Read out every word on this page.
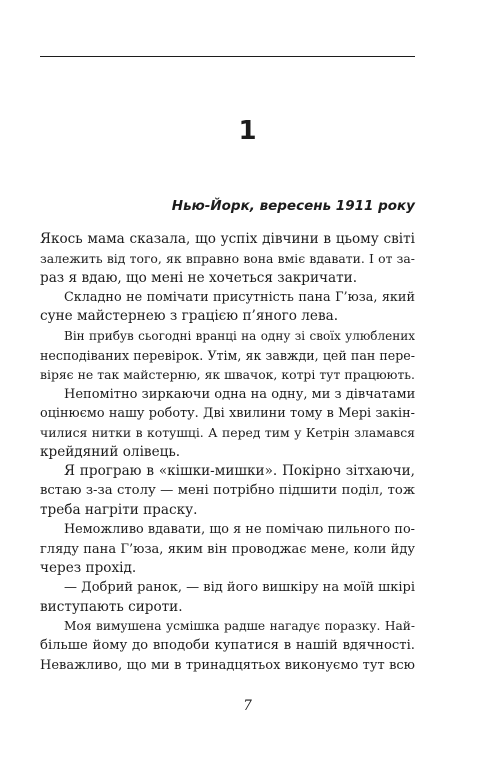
1
Нью-Йорк, вересень 1911 року
Якось мама сказала, що успіх дівчини в цьому світі
залежить від того, як вправно вона вміє вдавати. І от за-
раз я вдаю, що мені не хочеться закричати.
Складно не помічати присутність пана Г’юза, який
суне майстернею з грацією п’яного лева.
Він прибув сьогодні вранці на одну зі своїх улюблених
несподіваних перевірок. Утім, як завжди, цей пан пере-
віряє не так майстерню, як швачок, котрі тут працюють.
Непомітно зиркаючи одна на одну, ми з дівчатами
оцінюємо нашу роботу. Дві хвилини тому в Мері закін-
чилися нитки в котушці. А перед тим у Кетрін зламався
крейдяний олівець.
Я програю в «кішки-мишки». Покірно зітхаючи,
встаю з-за столу — мені потрібно підшити поділ, тож
треба нагріти праску.
Неможливо вдавати, що я не помічаю пильного по-
гляду пана Г’юза, яким він проводжає мене, коли йду
через прохід.
— Добрий ранок, — від його вишкіру на моїй шкірі
виступають сироти.
Моя вимушена усмішка радше нагадує поразку. Най-
більше йому до вподоби купатися в нашій вдячності.
Неважливо, що ми в тринадцятьох виконуємо тут всю
7
